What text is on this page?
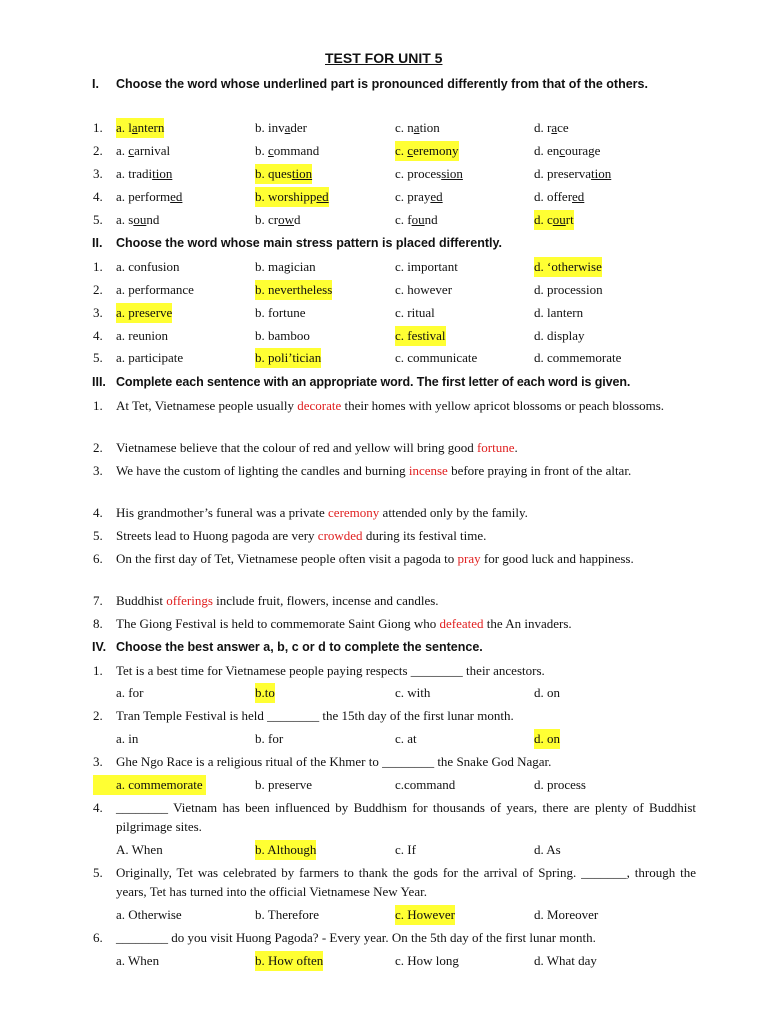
TEST FOR UNIT 5
I. Choose the word whose underlined part is pronounced differently from that of the others.
1. a. lantern	b. invader	c. nation	d. race
2. a. carnival	b. command	c. ceremony	d. encourage
3. a. tradition	b. question	c. procession	d. preservation
4. a. performed	b. worshipped	c. prayed	d. offered
5. a. sound	b. crowd	c. found	d. court
II. Choose the word whose main stress pattern is placed differently.
1. a. confusion	b. magician	c. important	d. ‘otherwise
2. a. performance	b. nevertheless	c. however	d. procession
3. a. preserve	b. fortune	c. ritual	d. lantern
4. a. reunion	b. bamboo	c. festival	d. display
5. a. participate	b. poli’tician	c. communicate	d. commemorate
III. Complete each sentence with an appropriate word. The first letter of each word is given.
1. At Tet, Vietnamese people usually decorate their homes with yellow apricot blossoms or peach blossoms.
2. Vietnamese believe that the colour of red and yellow will bring good fortune.
3. We have the custom of lighting the candles and burning incense before praying in front of the altar.
4. His grandmother’s funeral was a private ceremony attended only by the family.
5. Streets lead to Huong pagoda are very crowded during its festival time.
6. On the first day of Tet, Vietnamese people often visit a pagoda to pray for good luck and happiness.
7. Buddhist offerings include fruit, flowers, incense and candles.
8. The Giong Festival is held to commemorate Saint Giong who defeated the An invaders.
IV. Choose the best answer a, b, c or d to complete the sentence.
1. Tet is a best time for Vietnamese people paying respects ________ their ancestors.
a. for	b.to	c. with	d. on
2. Tran Temple Festival is held ________ the 15th day of the first lunar month.
a. in	b. for	c. at	d. on
3. Ghe Ngo Race is a religious ritual of the Khmer to ________ the Snake God Nagar.
a. commemorate	b. preserve	c.command	d. process
4. ________ Vietnam has been influenced by Buddhism for thousands of years, there are plenty of Buddhist pilgrimage sites.
A. When	b. Although	c. If	d. As
5. Originally, Tet was celebrated by farmers to thank the gods for the arrival of Spring. _______, through the years, Tet has turned into the official Vietnamese New Year.
a. Otherwise	b. Therefore	c. However	d. Moreover
6. ________ do you visit Huong Pagoda? - Every year. On the 5th day of the first lunar month.
a. When	b. How often	c. How long	d. What day
